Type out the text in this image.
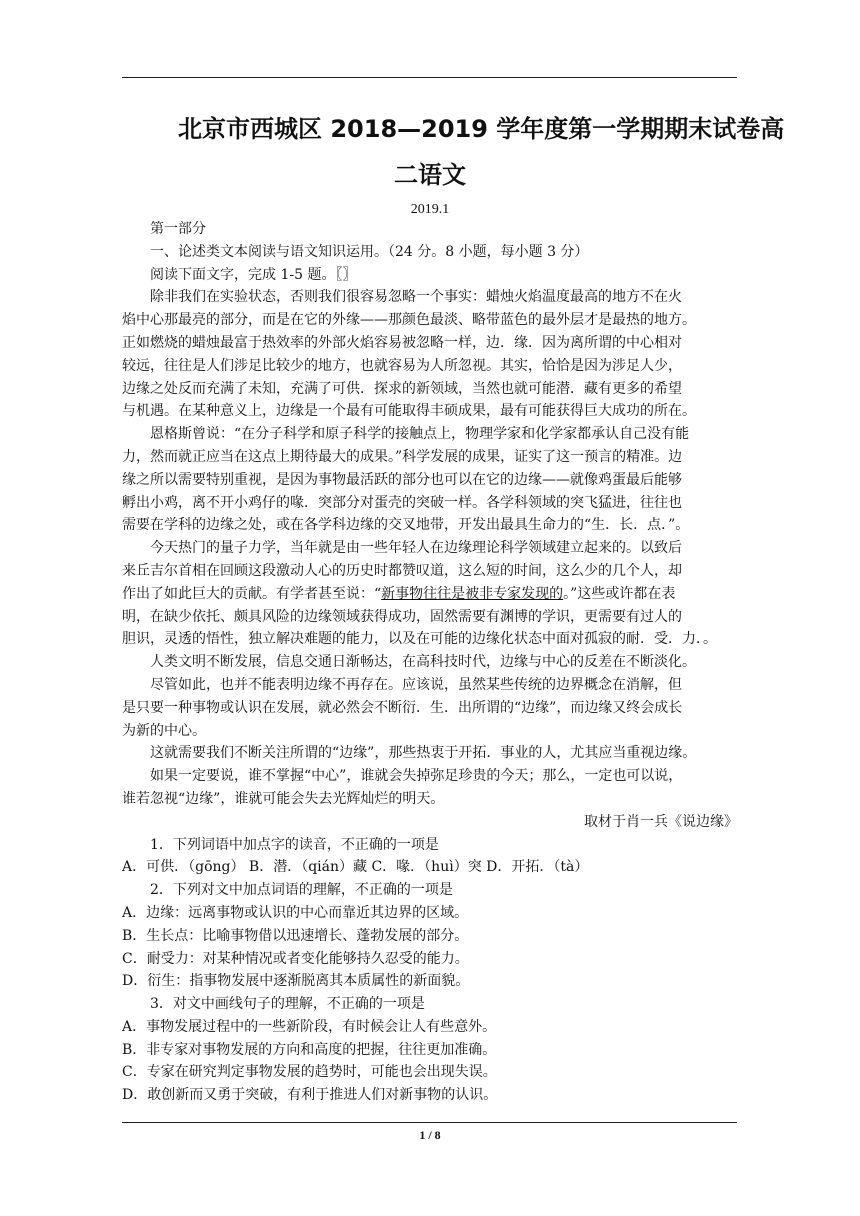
北京市西城区 2018—2019 学年度第一学期期末试卷高
二语文
2019.1
第一部分
一、论述类文本阅读与语文知识运用。（24 分。8 小题，每小题 3 分）
阅读下面文字，完成 1-5 题。〖〗
除非我们在实验状态，否则我们很容易忽略一个事实：蜡烛火焰温度最高的地方不在火
焰中心那最亮的部分，而是在它的外缘——那颜色最淡、略带蓝色的最外层才是最热的地方。
正如燃烧的蜡烛最富于热效率的外部火焰容易被忽略一样，边．缘．因为离所谓的中心相对
较远，往往是人们涉足比较少的地方，也就容易为人所忽视。其实，恰恰是因为涉足人少，
边缘之处反而充满了未知，充满了可供．探求的新领域，当然也就可能潜．藏有更多的希望
与机遇。在某种意义上，边缘是一个最有可能取得丰硕成果，最有可能获得巨大成功的所在。
恩格斯曾说：“在分子科学和原子科学的接触点上，物理学家和化学家都承认自己没有能
力，然而就正应当在这点上期待最大的成果。”科学发展的成果，证实了这一预言的精准。边
缘之所以需要特别重视，是因为事物最活跃的部分也可以在它的边缘——就像鸡蛋最后能够
孵出小鸡，离不开小鸡仔的喙．突部分对蛋壳的突破一样。各学科领域的突飞猛进，往往也
需要在学科的边缘之处，或在各学科边缘的交叉地带，开发出最具生命力的“生．长．点．”。
今天热门的量子力学，当年就是由一些年轻人在边缘理论科学领域建立起来的。以致后
来丘吉尔首相在回顾这段激动人心的历史时都赞叹道，这么短的时间，这么少的几个人，却
作出了如此巨大的贡献。有学者甚至说：“新事物往往是被非专家发现的。”这些或许都在表
明，在缺少依托、颇具风险的边缘领域获得成功，固然需要有渊博的学识，更需要有过人的
胆识，灵透的悟性，独立解决难题的能力，以及在可能的边缘化状态中面对孤寂的耐．受．力．。
人类文明不断发展，信息交通日渐畅达，在高科技时代，边缘与中心的反差在不断淡化。
尽管如此，也并不能表明边缘不再存在。应该说，虽然某些传统的边界概念在消解，但
是只要一种事物或认识在发展，就必然会不断衍．生．出所谓的“边缘”，而边缘又终会成长
为新的中心。
这就需要我们不断关注所谓的“边缘”，那些热衷于开拓．事业的人，尤其应当重视边缘。
如果一定要说，谁不掌握“中心”，谁就会失掉弥足珍贵的今天；那么，一定也可以说，
谁若忽视“边缘”，谁就可能会失去光辉灿烂的明天。
取材于肖一兵《说边缘》
1．下列词语中加点字的读音，不正确的一项是
A．可供．（gōng） B．潜．（qián）藏 C．喙．（huì）突 D．开拓．（tà）
2．下列对文中加点词语的理解，不正确的一项是
A．边缘：远离事物或认识的中心而靠近其边界的区域。
B．生长点：比喻事物借以迅速增长、蓬勃发展的部分。
C．耐受力：对某种情况或者变化能够持久忍受的能力。
D．衍生：指事物发展中逐渐脱离其本质属性的新面貌。
3．对文中画线句子的理解，不正确的一项是
A．事物发展过程中的一些新阶段，有时候会让人有些意外。
B．非专家对事物发展的方向和高度的把握，往往更加准确。
C．专家在研究判定事物发展的趋势时，可能也会出现失误。
D．敢创新而又勇于突破，有利于推进人们对新事物的认识。
1 / 8
